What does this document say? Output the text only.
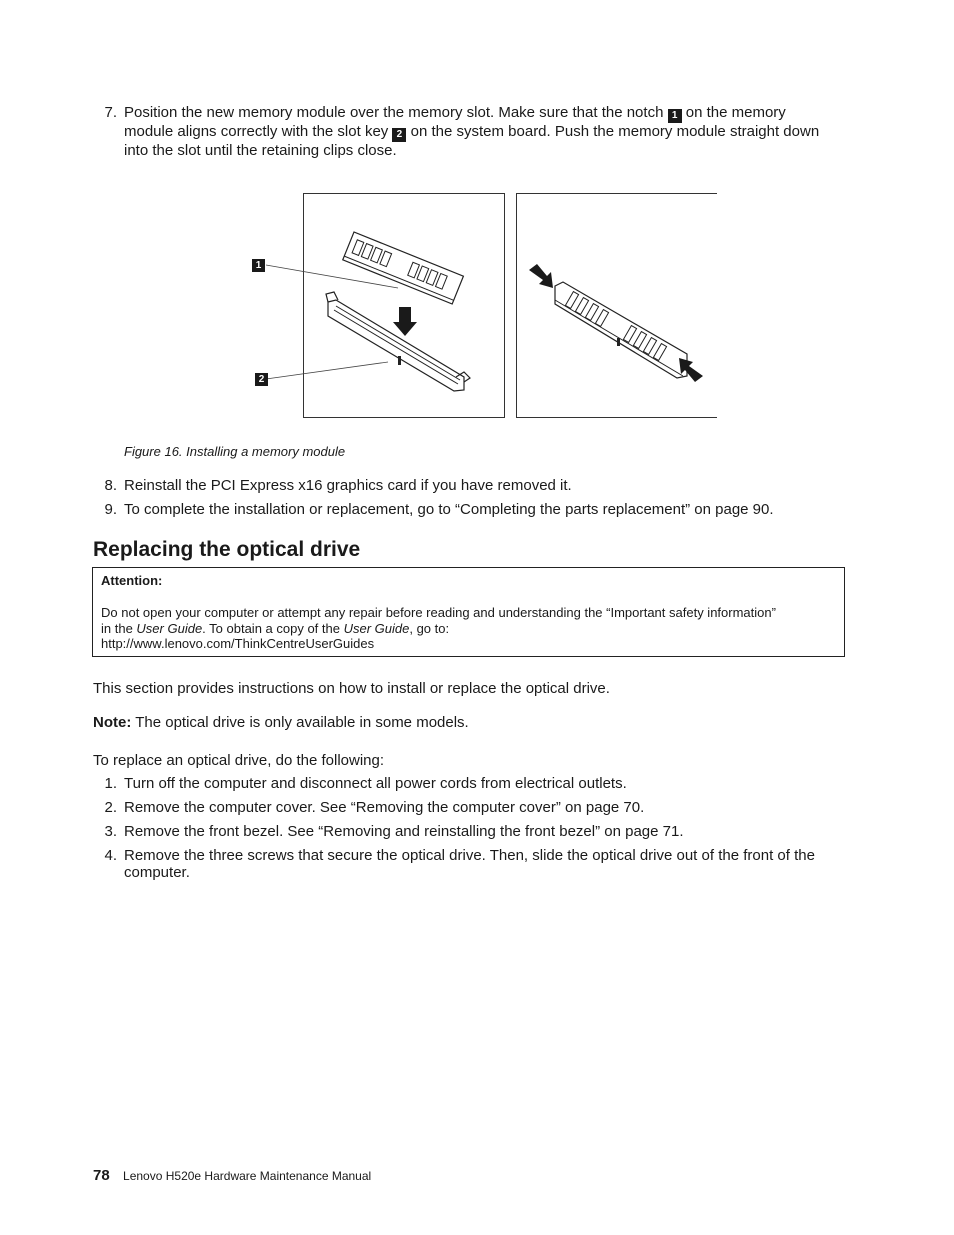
7. Position the new memory module over the memory slot. Make sure that the notch 1 on the memory module aligns correctly with the slot key 2 on the system board. Push the memory module straight down into the slot until the retaining clips close.
1
2
Figure 16. Installing a memory module
8. Reinstall the PCI Express x16 graphics card if you have removed it.
9. To complete the installation or replacement, go to “Completing the parts replacement” on page 90.
Replacing the optical drive
Attention:
Do not open your computer or attempt any repair before reading and understanding the “Important safety information”
in the User Guide. To obtain a copy of the User Guide, go to:
http://www.lenovo.com/ThinkCentreUserGuides
This section provides instructions on how to install or replace the optical drive.
Note: The optical drive is only available in some models.
To replace an optical drive, do the following:
1. Turn off the computer and disconnect all power cords from electrical outlets.
2. Remove the computer cover. See “Removing the computer cover” on page 70.
3. Remove the front bezel. See “Removing and reinstalling the front bezel” on page 71.
4. Remove the three screws that secure the optical drive. Then, slide the optical drive out of the front of the computer.
78 Lenovo H520e Hardware Maintenance Manual
